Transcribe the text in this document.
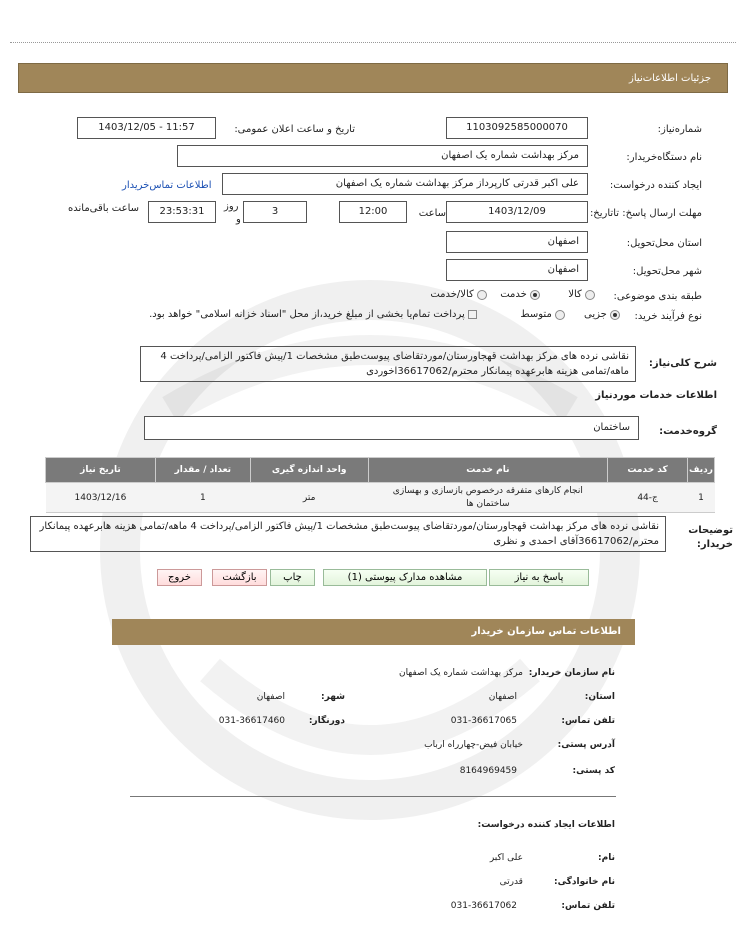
جزئیات اطلاعات‌نیاز
شماره‌نیاز:
1103092585000070
تاریخ و ساعت اعلان عمومی:
1403/12/05 - 11:57
نام دستگاه‌خریدار:
مرکز بهداشت شماره یک اصفهان
ایجاد کننده درخواست:
علی اکبر قدرتی کارپرداز مرکز بهداشت شماره یک اصفهان
اطلاعات تماس‌خریدار
مهلت ارسال پاسخ: تاتاریخ:
1403/12/09
ساعت
12:00
3
روز
و
23:53:31
ساعت باقی‌مانده
استان محل‌تحویل:
اصفهان
شهر محل‌تحویل:
اصفهان
طبقه بندی موضوعی:
کالا
خدمت
کالا/خدمت
نوع فرآیند خرید:
جزیی
متوسط
پرداخت تمام‌یا بخشی از مبلغ خرید،از محل "اسناد خزانه اسلامی" خواهد بود.
شرح کلی‌نیاز:
نقاشی نرده های مرکز بهداشت قهجاورستان/موردتقاضای پیوست‌طبق مشخصات 1/پیش فاکتور الزامی/پرداخت 4 ماهه/تمامی هزینه هابرعهده پیمانکار محترم/36617062اخوردی
اطلاعات خدمات موردنیاز
گروه‌خدمت:
ساختمان
ردیف	کد خدمت	نام خدمت	واحد اندازه گیری	تعداد / مقدار	تاریخ نیاز
1	ج-44	انجام کارهای متفرقه درخصوص بازسازی و بهسازی ساختمان ها	متر	1	1403/12/16
توضیحات خریدار:
نقاشی نرده های مرکز بهداشت قهجاورستان/موردتقاضای پیوست‌طبق مشخصات 1/پیش فاکتور الزامی/پرداخت 4 ماهه/تمامی هزینه هابرعهده پیمانکار محترم/36617062آقای احمدی و نظری
پاسخ به نیاز
مشاهده مدارک پیوستی (1)
چاپ
بازگشت
خروج
اطلاعات تماس سازمان خریدار
نام سازمان خریدار:
مرکز بهداشت شماره یک اصفهان
استان:
اصفهان
شهر:
اصفهان
تلفن تماس:
031-36617065
دورنگار:
031-36617460
آدرس پستی:
خیابان فیض-چهارراه ارباب
کد پستی:
8164969459
اطلاعات ایجاد کننده درخواست:
نام:
علی اکبر
نام خانوادگی:
قدرتی
تلفن تماس:
031-36617062
